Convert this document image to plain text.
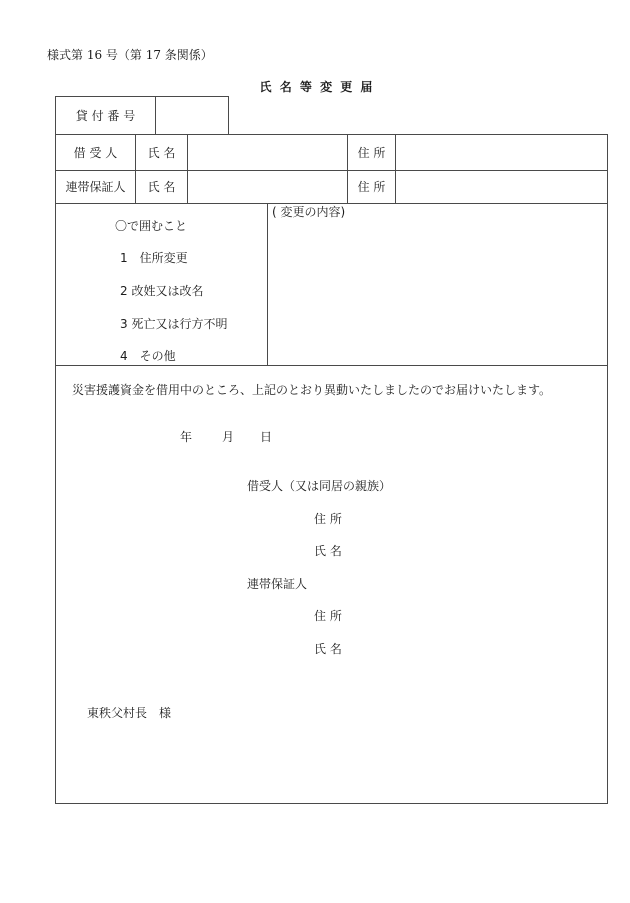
様式第 16 号（第 17 条関係）
氏 名 等 変 更 届
貸 付 番 号
借 受 人	氏 名	住 所
連帯保証人	氏 名	住 所
〇で囲むこと
1　住所変更
2 改姓又は改名
3 死亡又は行方不明
4　その他
( 変更の内容)
災害援護資金を借用中のところ、上記のとおり異動いたしましたのでお届けいたします。
年 月 日
借受人（又は同居の親族）
住 所
氏 名
連帯保証人
住 所
氏 名
東秩父村長　様
